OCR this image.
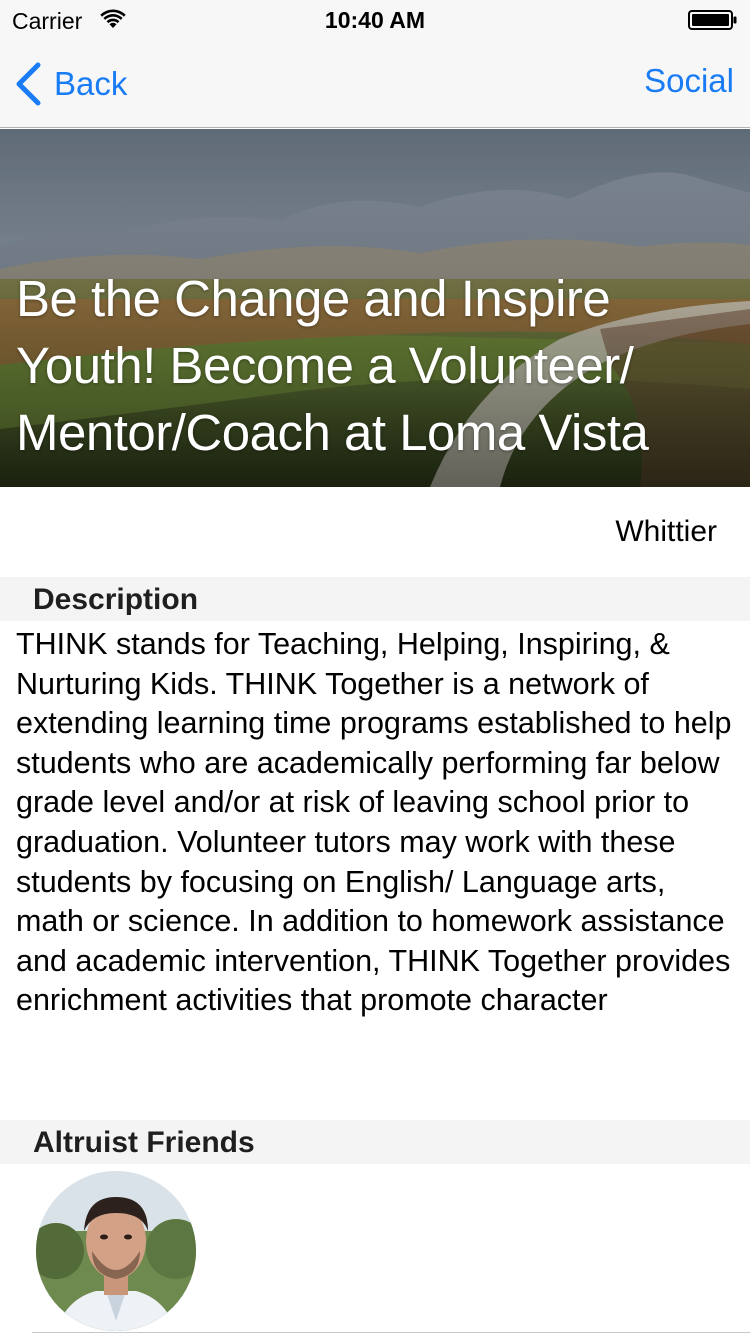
Carrier	10:40 AM
Back	Social
Be the Change and Inspire Youth! Become a Volunteer/ Mentor/Coach at Loma Vista
Whittier
Description
THINK stands for Teaching, Helping, Inspiring, & Nurturing Kids. THINK Together is a network of extending learning time programs established to help students who are academically performing far below grade level and/or at risk of leaving school prior to graduation. Volunteer tutors may work with these students by focusing on English/ Language arts, math or science. In addition to homework assistance and academic intervention, THINK Together provides enrichment activities that promote character
Altruist Friends
